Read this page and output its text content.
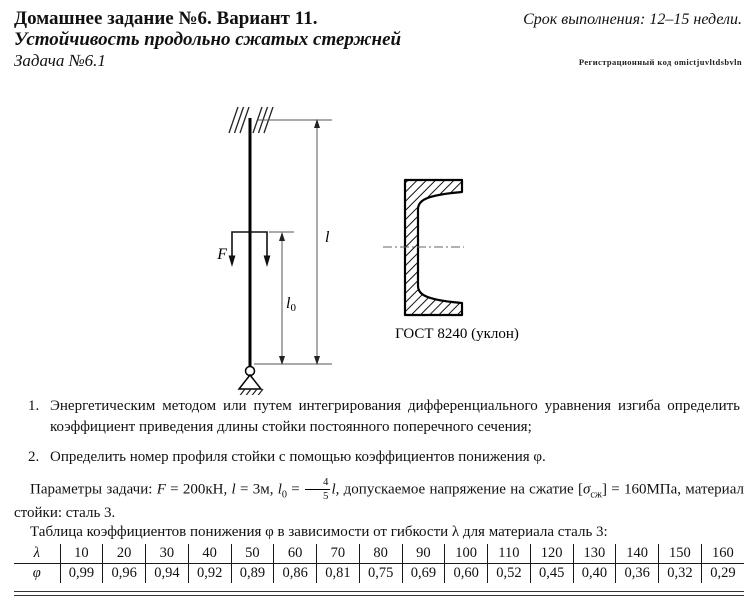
Домашнее задание №6. Вариант 11.
Устойчивость продольно сжатых стержней
Задача №6.1
Срок выполнения: 12–15 недели.
Регистрационный код omictjuvltdsbvln
l
l0
F
ГОСТ 8240 (уклон)
1. Энергетическим методом или путем интегрирования дифференциального уравнения изгиба определить коэффициент приведения длины стойки постоянного поперечного сечения;
2. Определить номер профиля стойки с помощью коэффициентов понижения φ.

Параметры задачи: F = 200кН, l = 3м, $l_0 = \frac{4}{5} l$, допускаемое напряжение на сжатие $[\sigma_{сж}] = 160МПа$, материал стойки: сталь 3.

Таблица коэффициентов понижения φ в зависимости от гибкости λ для материала сталь 3:

λ	10	20	30	40	50	60	70	80	90	100	110	120	130	140	150	160
φ	0,99	0,96	0,94	0,92	0,89	0,86	0,81	0,75	0,69	0,60	0,52	0,45	0,40	0,36	0,32	0,29
